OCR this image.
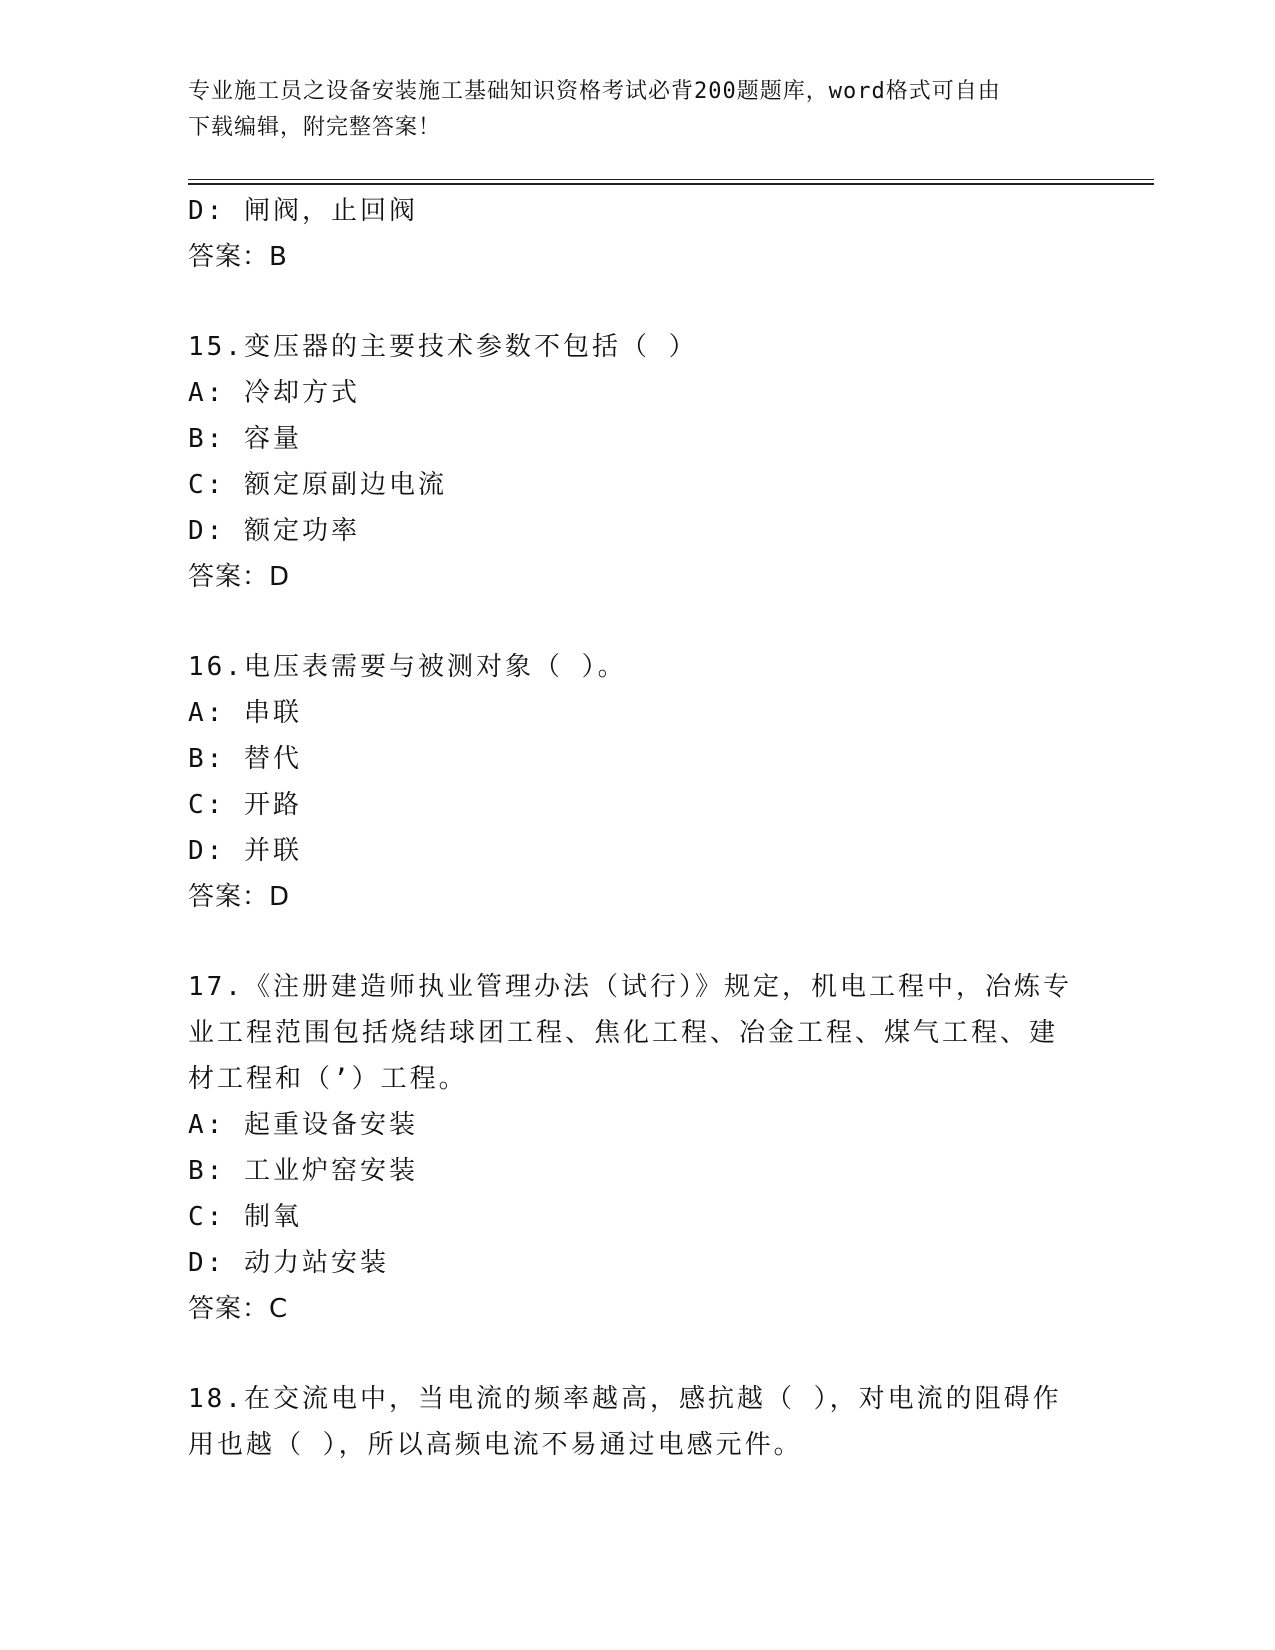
专业施工员之设备安装施工基础知识资格考试必背200题题库，word格式可自由
下载编辑，附完整答案！
D: 闸阀，止回阀
答案：B
15.变压器的主要技术参数不包括（ ）
A: 冷却方式
B: 容量
C: 额定原副边电流
D: 额定功率
答案：D
16.电压表需要与被测对象（ ）。
A: 串联
B: 替代
C: 开路
D: 并联
答案：D
17.《注册建造师执业管理办法（试行）》规定，机电工程中，冶炼专
业工程范围包括烧结球团工程、焦化工程、冶金工程、煤气工程、建
材工程和（’）工程。
A: 起重设备安装
B: 工业炉窑安装
C: 制氧
D: 动力站安装
答案：C
18.在交流电中，当电流的频率越高，感抗越（ ），对电流的阻碍作
用也越（ ），所以高频电流不易通过电感元件。
